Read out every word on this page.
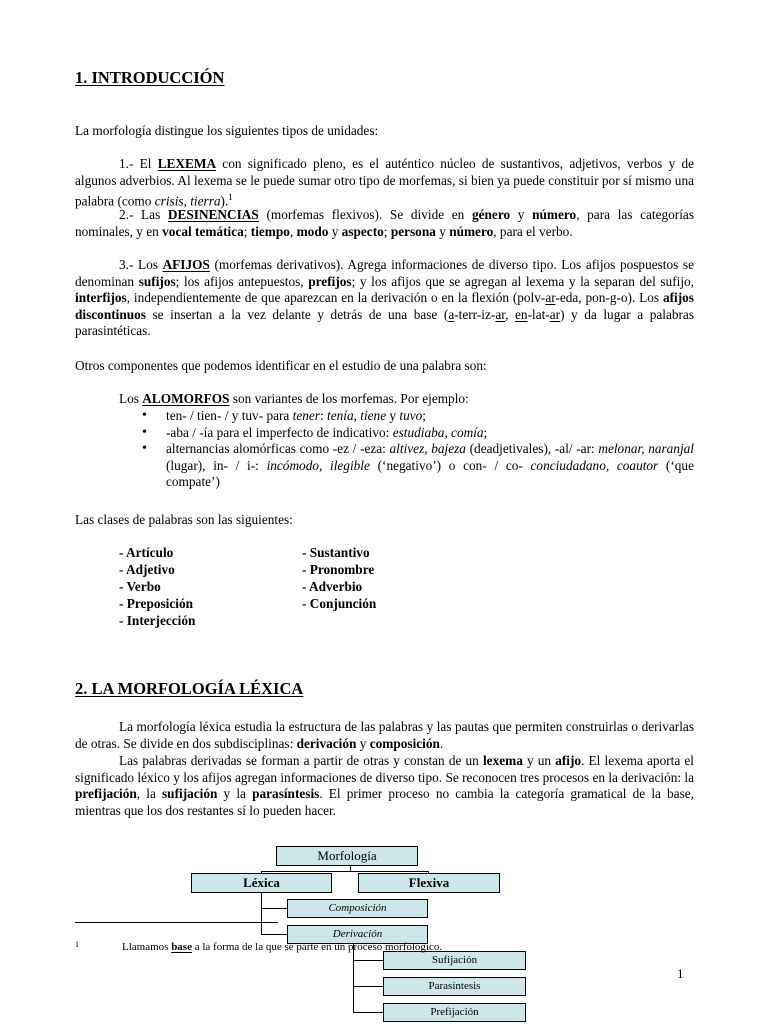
1. INTRODUCCIÓN

La morfología distingue los siguientes tipos de unidades:

1.- El LEXEMA con significado pleno, es el auténtico núcleo de sustantivos, adjetivos, verbos y de algunos adverbios. Al lexema se le puede sumar otro tipo de morfemas, si bien ya puede constituir por sí mismo una palabra (como crisis, tierra).$^1$

2.- Las DESINENCIAS (morfemas flexivos). Se divide en género y número, para las categorías nominales, y en vocal temática; tiempo, modo y aspecto; persona y número, para el verbo.

3.- Los AFIJOS (morfemas derivativos). Agrega informaciones de diverso tipo. Los afijos pospuestos se denominan sufijos; los afijos antepuestos, prefijos; y los afijos que se agregan al lexema y la separan del sufijo, interfijos, independientemente de que aparezcan en la derivación o en la flexión (polv-ar-eda, pon-g-o). Los afijos discontinuos se insertan a la vez delante y detrás de una base (a-terr-iz-ar, en-lat-ar) y da lugar a palabras parasintéticas.

Otros componentes que podemos identificar en el estudio de una palabra son:

Los ALOMORFOS son variantes de los morfemas. Por ejemplo:

• ten- / tien- / y tuv- para tener: tenía, tiene y tuvo;
• -aba / -ía para el imperfecto de indicativo: estudiaba, comía;
• alternancias alomórficas como -ez / -eza: altivez, bajeza (deadjetivales), -al/ -ar: melonar, naranjal (lugar), in- / i-: incómodo, ilegible (‘negativo’) o con- / co- conciudadano, coautor (‘que compate’)

Las clases de palabras son las siguientes:

- Artículo
- Adjetivo
- Verbo
- Preposición
- Interjección
- Sustantivo
- Pronombre
- Adverbio
- Conjunción
2. LA MORFOLOGÍA LÉXICA

La morfología léxica estudia la estructura de las palabras y las pautas que permiten construirlas o derivarlas de otras. Se divide en dos subdisciplinas: derivación y composición.

Las palabras derivadas se forman a partir de otras y constan de un lexema y un afijo. El lexema aporta el significado léxico y los afijos agregan informaciones de diverso tipo. Se reconocen tres procesos en la derivación: la prefijación, la sufijación y la parasíntesis. El primer proceso no cambia la categoría gramatical de la base, mientras que los dos restantes sí lo pueden hacer.

Morfología
Léxica	Flexiva
Composición
Derivación
Sufijación
Parasíntesis
Prefijación
1	Llamamos base a la forma de la que se parte en un proceso morfológico.
1
